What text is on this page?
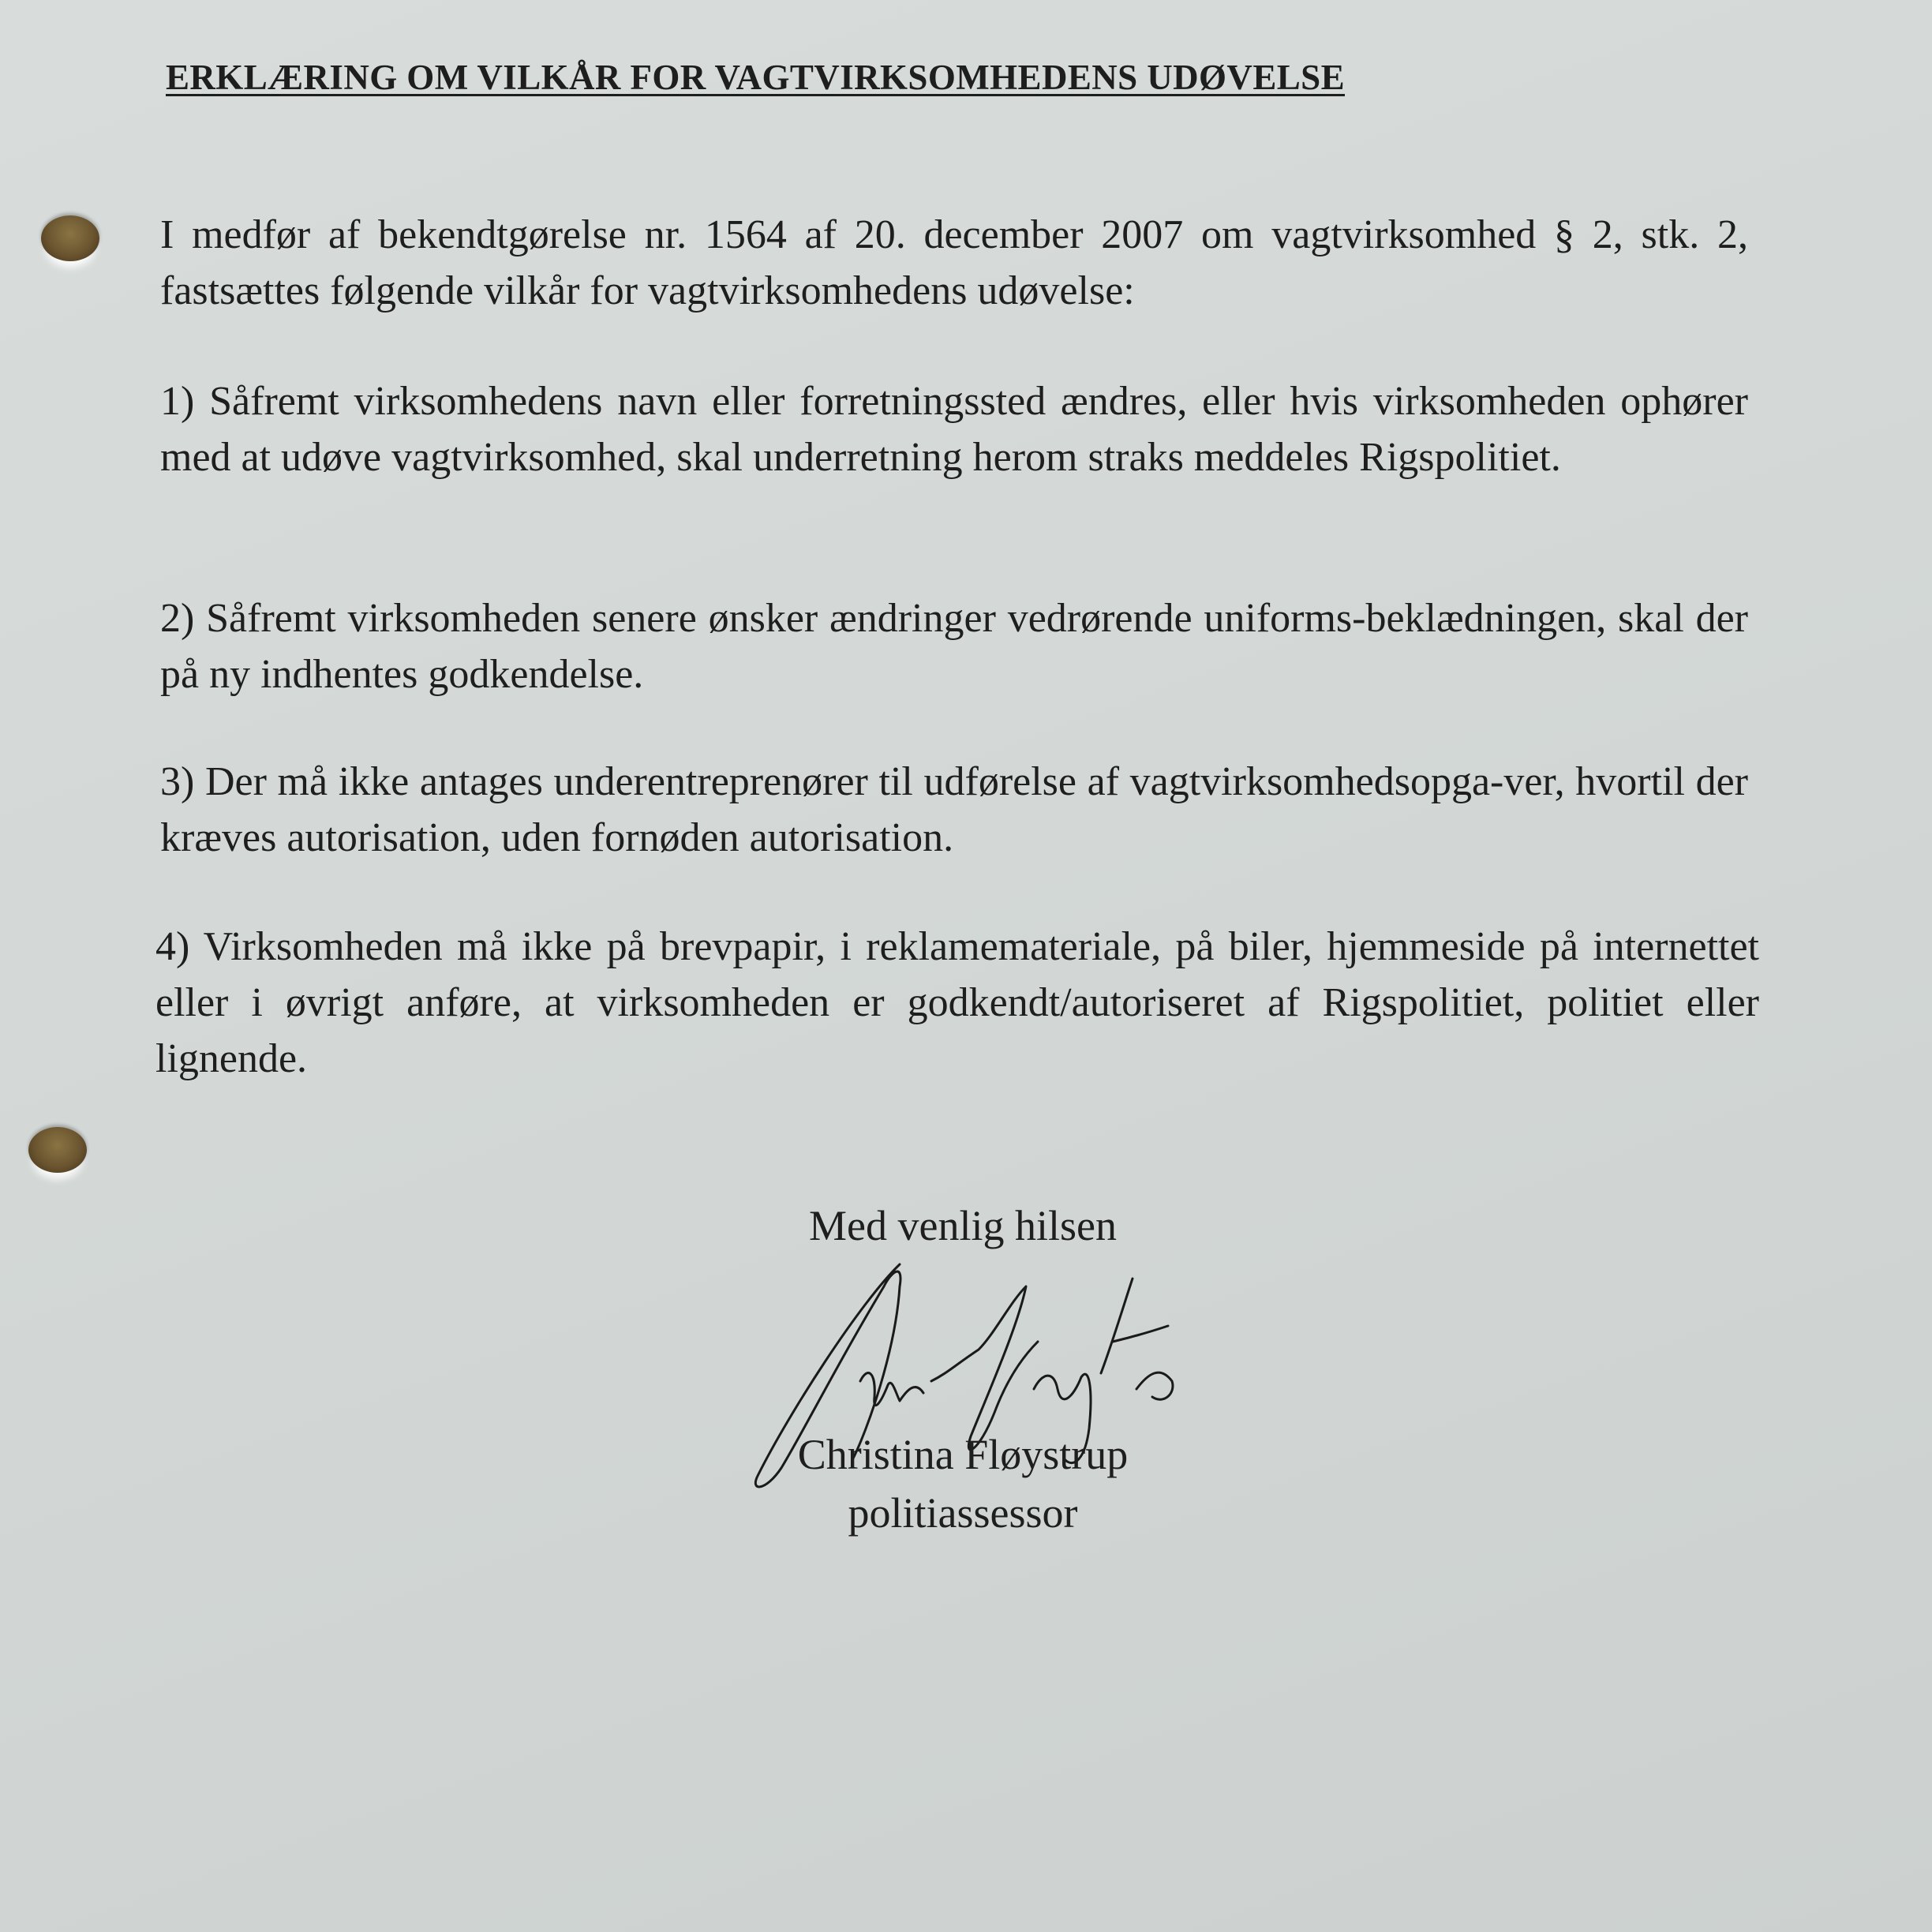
ERKLÆRING OM VILKÅR FOR VAGTVIRKSOMHEDENS UDØVELSE
I medfør af bekendtgørelse nr. 1564 af 20. december 2007 om vagtvirksomhed § 2, stk. 2, fastsættes følgende vilkår for vagtvirksomhedens udøvelse:
1) Såfremt virksomhedens navn eller forretningssted ændres, eller hvis virksomheden ophører med at udøve vagtvirksomhed, skal underretning herom straks meddeles Rigspolitiet.
2) Såfremt virksomheden senere ønsker ændringer vedrørende uniforms-beklædningen, skal der på ny indhentes godkendelse.
3) Der må ikke antages underentreprenører til udførelse af vagtvirksomhedsopga-ver, hvortil der kræves autorisation, uden fornøden autorisation.
4) Virksomheden må ikke på brevpapir, i reklamemateriale, på biler, hjemmeside på internettet eller i øvrigt anføre, at virksomheden er godkendt/autoriseret af Rigspolitiet, politiet eller lignende.
Med venlig hilsen
Christina Fløystrup
politiassessor
